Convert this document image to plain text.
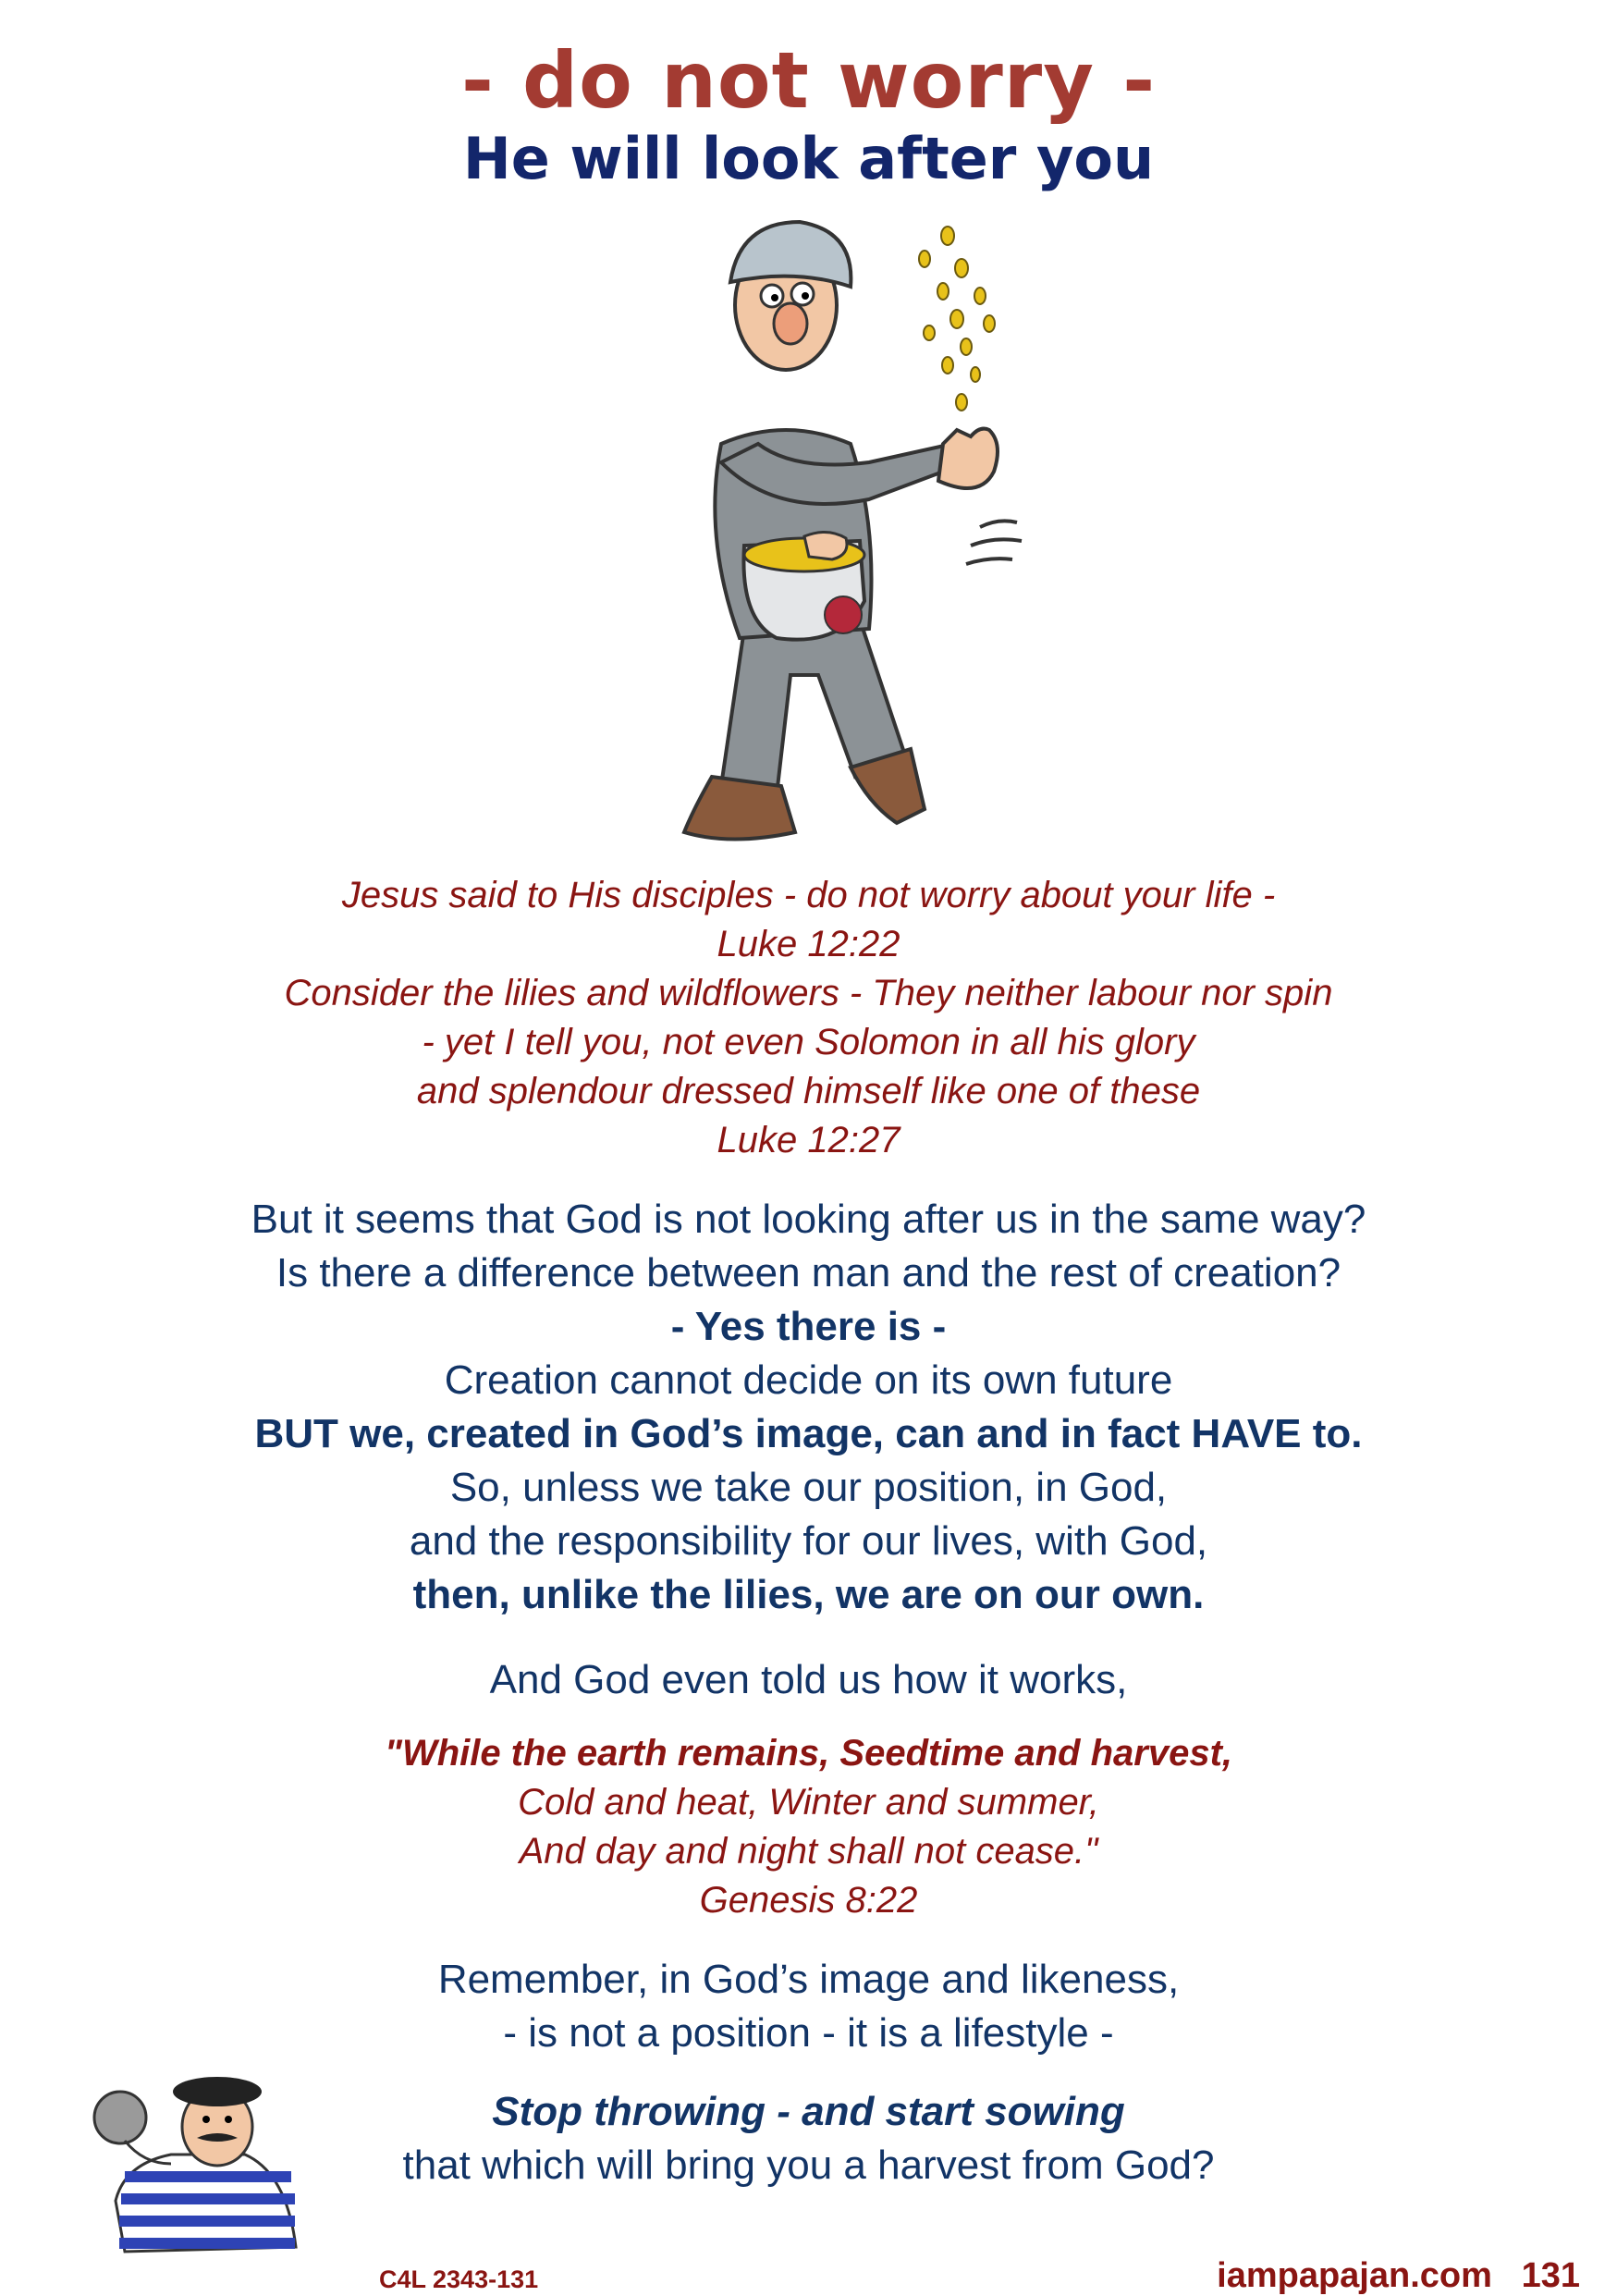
- do not worry -
He will look after you
Jesus said to His disciples - do not worry about your life -
Luke 12:22
Consider the lilies and wildflowers - They neither labour nor spin
- yet I tell you, not even Solomon in all his glory
and splendour dressed himself like one of these
Luke 12:27
But it seems that God is not looking after us in the same way?
Is there a difference between man and the rest of creation?
- Yes there is -
Creation cannot decide on its own future
BUT we, created in God’s image, can and in fact HAVE to.
So, unless we take our position, in God,
and the responsibility for our lives, with God,
then, unlike the lilies, we are on our own.
And God even told us how it works,
"While the earth remains, Seedtime and harvest,
Cold and heat, Winter and summer,
And day and night shall not cease."
Genesis 8:22
Remember, in God’s image and likeness,
- is not a position - it is a lifestyle -
Stop throwing - and start sowing
that which will bring you a harvest from God?
C4L 2343-131	iampapajan.com 131
